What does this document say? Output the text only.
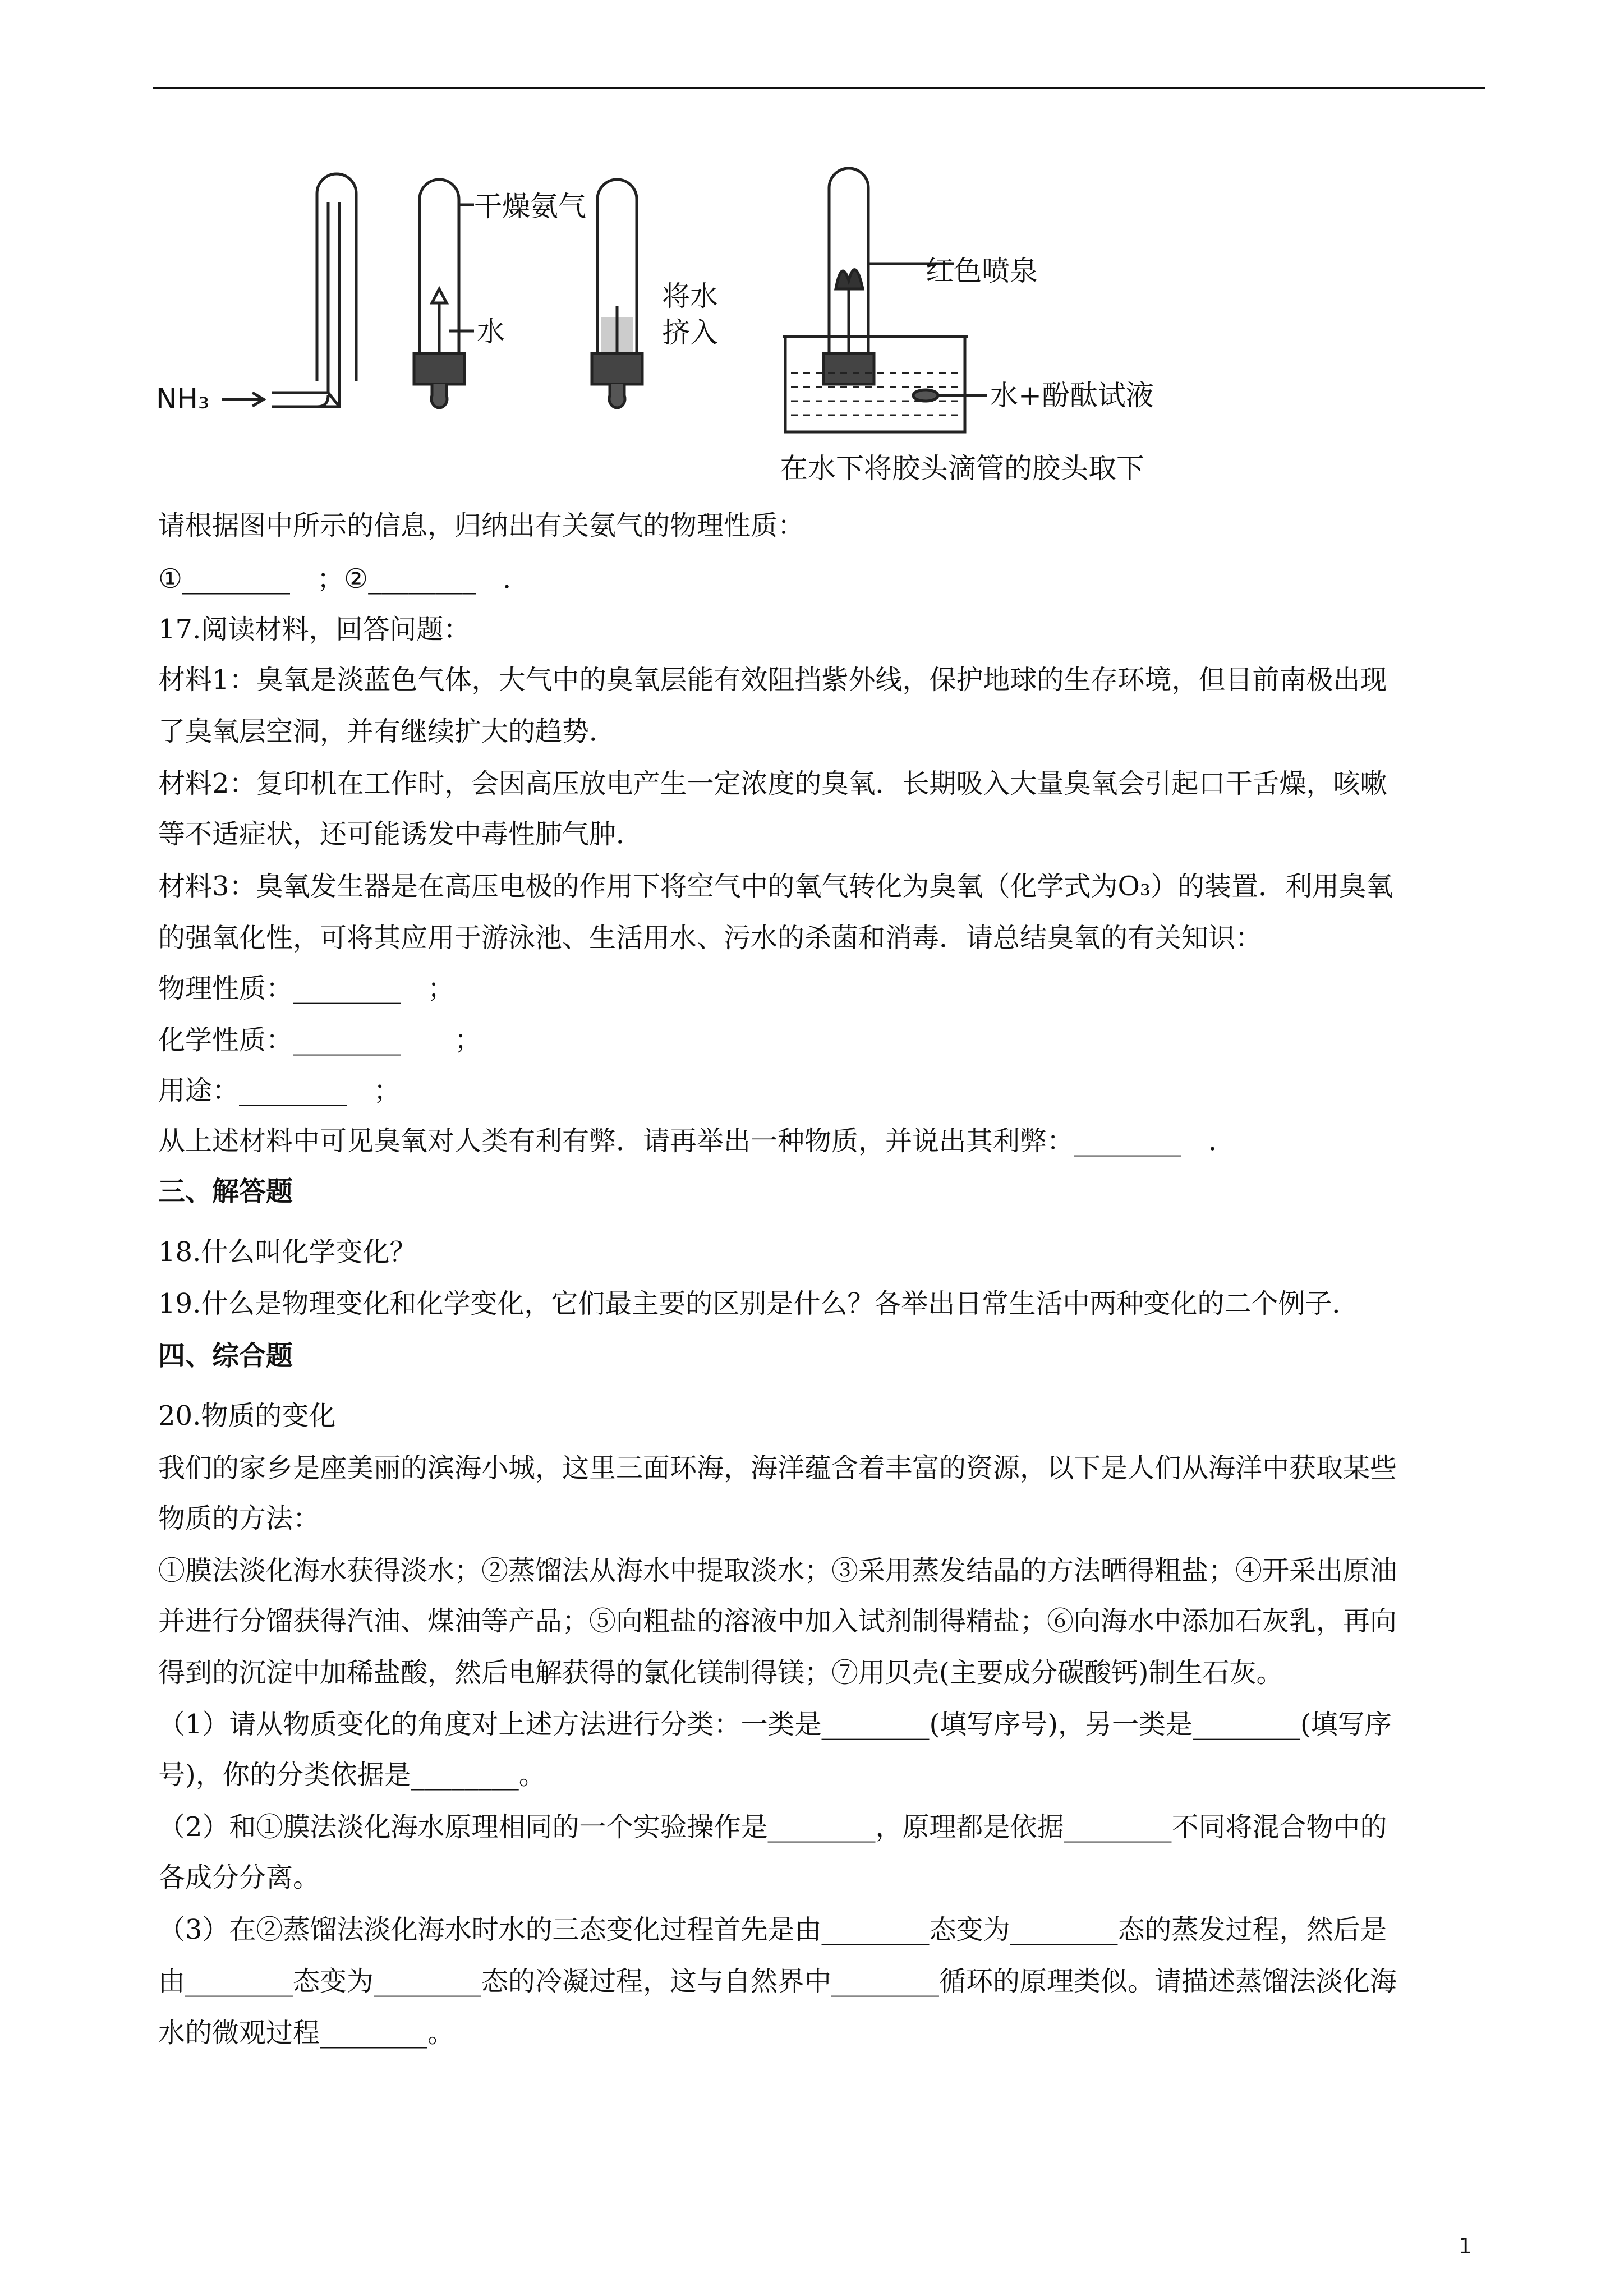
NH₃
干燥氨气
水
将水
挤入
红色喷泉
水+酚酞试液
在水下将胶头滴管的胶头取下
请根据图中所示的信息，归纳出有关氨气的物理性质：
①________　；②________　．
17.阅读材料，回答问题：
材料1：臭氧是淡蓝色气体，大气中的臭氧层能有效阻挡紫外线，保护地球的生存环境，但目前南极出现
了臭氧层空洞，并有继续扩大的趋势．
材料2：复印机在工作时，会因高压放电产生一定浓度的臭氧．长期吸入大量臭氧会引起口干舌燥，咳嗽
等不适症状，还可能诱发中毒性肺气肿．
材料3：臭氧发生器是在高压电极的作用下将空气中的氧气转化为臭氧（化学式为O₃）的装置．利用臭氧
的强氧化性，可将其应用于游泳池、生活用水、污水的杀菌和消毒．请总结臭氧的有关知识：
物理性质：________　；
化学性质：________　　；
用途：________　；
从上述材料中可见臭氧对人类有利有弊．请再举出一种物质，并说出其利弊：________　．
三、解答题
18.什么叫化学变化？
19.什么是物理变化和化学变化，它们最主要的区别是什么？各举出日常生活中两种变化的二个例子．
四、综合题
20.物质的变化
我们的家乡是座美丽的滨海小城，这里三面环海，海洋蕴含着丰富的资源，以下是人们从海洋中获取某些
物质的方法：
①膜法淡化海水获得淡水；②蒸馏法从海水中提取淡水；③采用蒸发结晶的方法晒得粗盐；④开采出原油
并进行分馏获得汽油、煤油等产品；⑤向粗盐的溶液中加入试剂制得精盐；⑥向海水中添加石灰乳，再向
得到的沉淀中加稀盐酸，然后电解获得的氯化镁制得镁；⑦用贝壳(主要成分碳酸钙)制生石灰。
（1）请从物质变化的角度对上述方法进行分类：一类是________(填写序号)，另一类是________(填写序
号)，你的分类依据是________。
（2）和①膜法淡化海水原理相同的一个实验操作是________，原理都是依据________不同将混合物中的
各成分分离。
（3）在②蒸馏法淡化海水时水的三态变化过程首先是由________态变为________态的蒸发过程，然后是
由________态变为________态的冷凝过程，这与自然界中________循环的原理类似。请描述蒸馏法淡化海
水的微观过程________。
1
